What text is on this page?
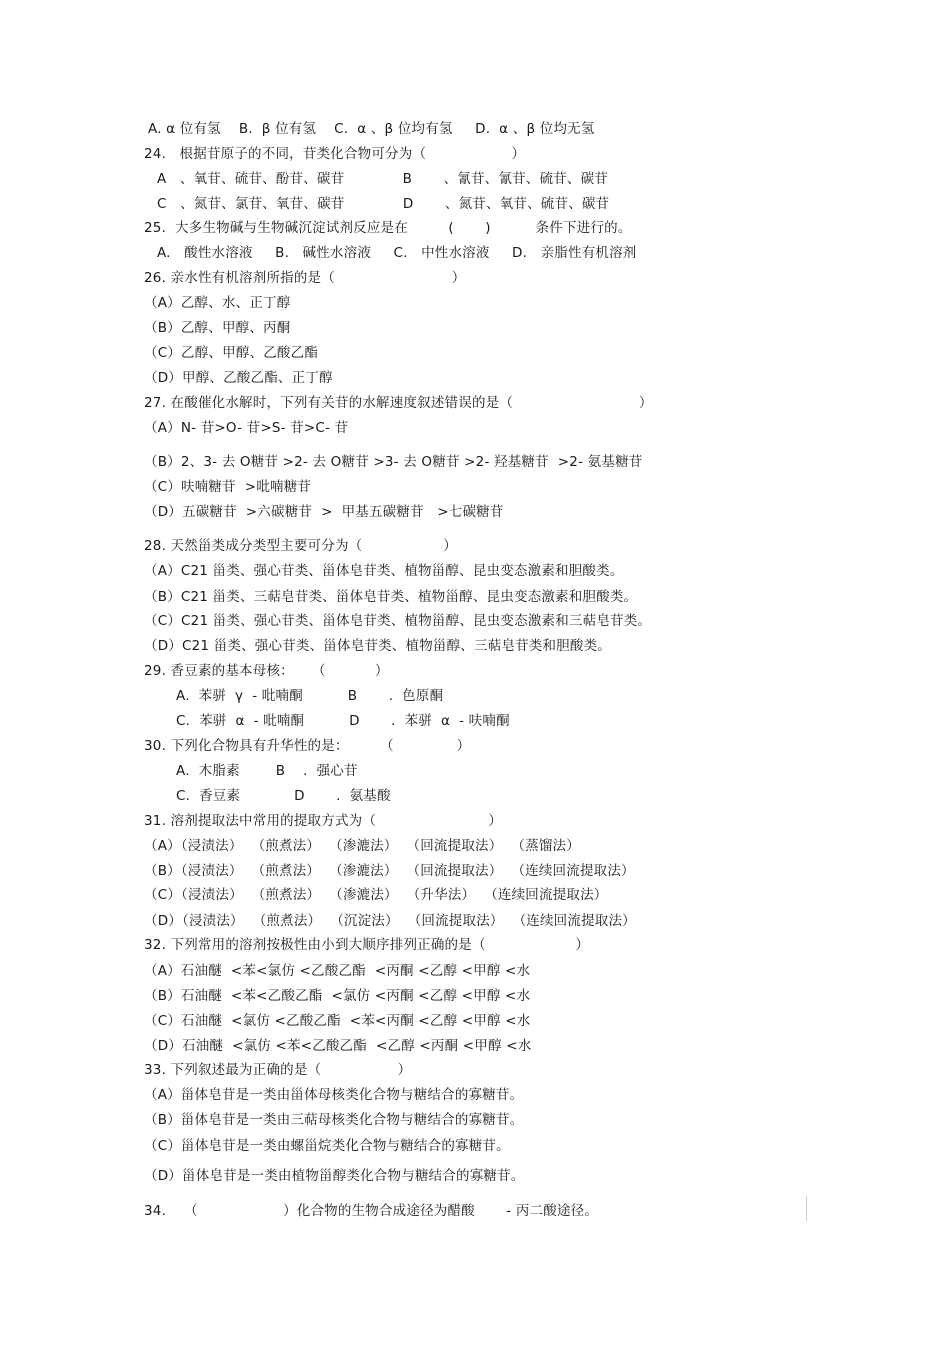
A. α 位有氢    B.  β 位有氢    C.  α 、β 位均有氢     D.  α 、β 位均无氢
24.   根据苷原子的不同，苷类化合物可分为（                   ）
A   、氧苷、硫苷、酚苷、碳苷             B       、氰苷、氰苷、硫苷、碳苷
C   、氮苷、氯苷、氧苷、碳苷             D       、氮苷、氧苷、硫苷、碳苷
25.  大多生物碱与生物碱沉淀试剂反应是在         (       )          条件下进行的。
A.   酸性水溶液     B.   碱性水溶液     C.   中性水溶液     D.   亲脂性有机溶剂
26. 亲水性有机溶剂所指的是（                          ）
（A）乙醇、水、正丁醇
（B）乙醇、甲醇、丙酮
（C）乙醇、甲醇、乙酸乙酯
（D）甲醇、乙酸乙酯、正丁醇
27. 在酸催化水解时，下列有关苷的水解速度叙述错误的是（                            ）
（A）N- 苷>O- 苷>S- 苷>C- 苷
（B）2、3- 去 O糖苷 >2- 去 O糖苷 >3- 去 O糖苷 >2- 羟基糖苷  >2- 氨基糖苷
（C）呋喃糖苷  >吡喃糖苷
（D）五碳糖苷  >六碳糖苷  >  甲基五碳糖苷   >七碳糖苷
28. 天然甾类成分类型主要可分为（                  ）
（A）C21 甾类、强心苷类、甾体皂苷类、植物甾醇、昆虫变态激素和胆酸类。
（B）C21 甾类、三萜皂苷类、甾体皂苷类、植物甾醇、昆虫变态激素和胆酸类。
（C）C21 甾类、强心苷类、甾体皂苷类、植物甾醇、昆虫变态激素和三萜皂苷类。
（D）C21 甾类、强心苷类、甾体皂苷类、植物甾醇、三萜皂苷类和胆酸类。
29. 香豆素的基本母核：    （           ）
A.  苯骈  γ  - 吡喃酮          B       .  色原酮
C.  苯骈  α  - 吡喃酮          D       .  苯骈  α  - 呋喃酮
30. 下列化合物具有升华性的是：       （              ）
A.  木脂素        B    .  强心苷
C.  香豆素            D       .  氨基酸
31. 溶剂提取法中常用的提取方式为（                         ）
（A）（浸渍法）  （煎煮法）  （渗漉法）  （回流提取法）  （蒸馏法）
（B）（浸渍法）  （煎煮法）  （渗漉法）  （回流提取法）  （连续回流提取法）
（C）（浸渍法）  （煎煮法）  （渗漉法）  （升华法）  （连续回流提取法）
（D）（浸渍法）  （煎煮法）  （沉淀法）  （回流提取法）  （连续回流提取法）
32. 下列常用的溶剂按极性由小到大顺序排列正确的是（                    ）
（A）石油醚  <苯<氯仿 <乙酸乙酯  <丙酮 <乙醇 <甲醇 <水
（B）石油醚  <苯<乙酸乙酯  <氯仿 <丙酮 <乙醇 <甲醇 <水
（C）石油醚  <氯仿 <乙酸乙酯  <苯<丙酮 <乙醇 <甲醇 <水
（D）石油醚  <氯仿 <苯<乙酸乙酯  <乙醇 <丙酮 <甲醇 <水
33. 下列叙述最为正确的是（                 ）
（A）甾体皂苷是一类由甾体母核类化合物与糖结合的寡糖苷。
（B）甾体皂苷是一类由三萜母核类化合物与糖结合的寡糖苷。
（C）甾体皂苷是一类由螺甾烷类化合物与糖结合的寡糖苷。
（D）甾体皂苷是一类由植物甾醇类化合物与糖结合的寡糖苷。
34.    （                   ）化合物的生物合成途径为醋酸       - 丙二酸途径。
